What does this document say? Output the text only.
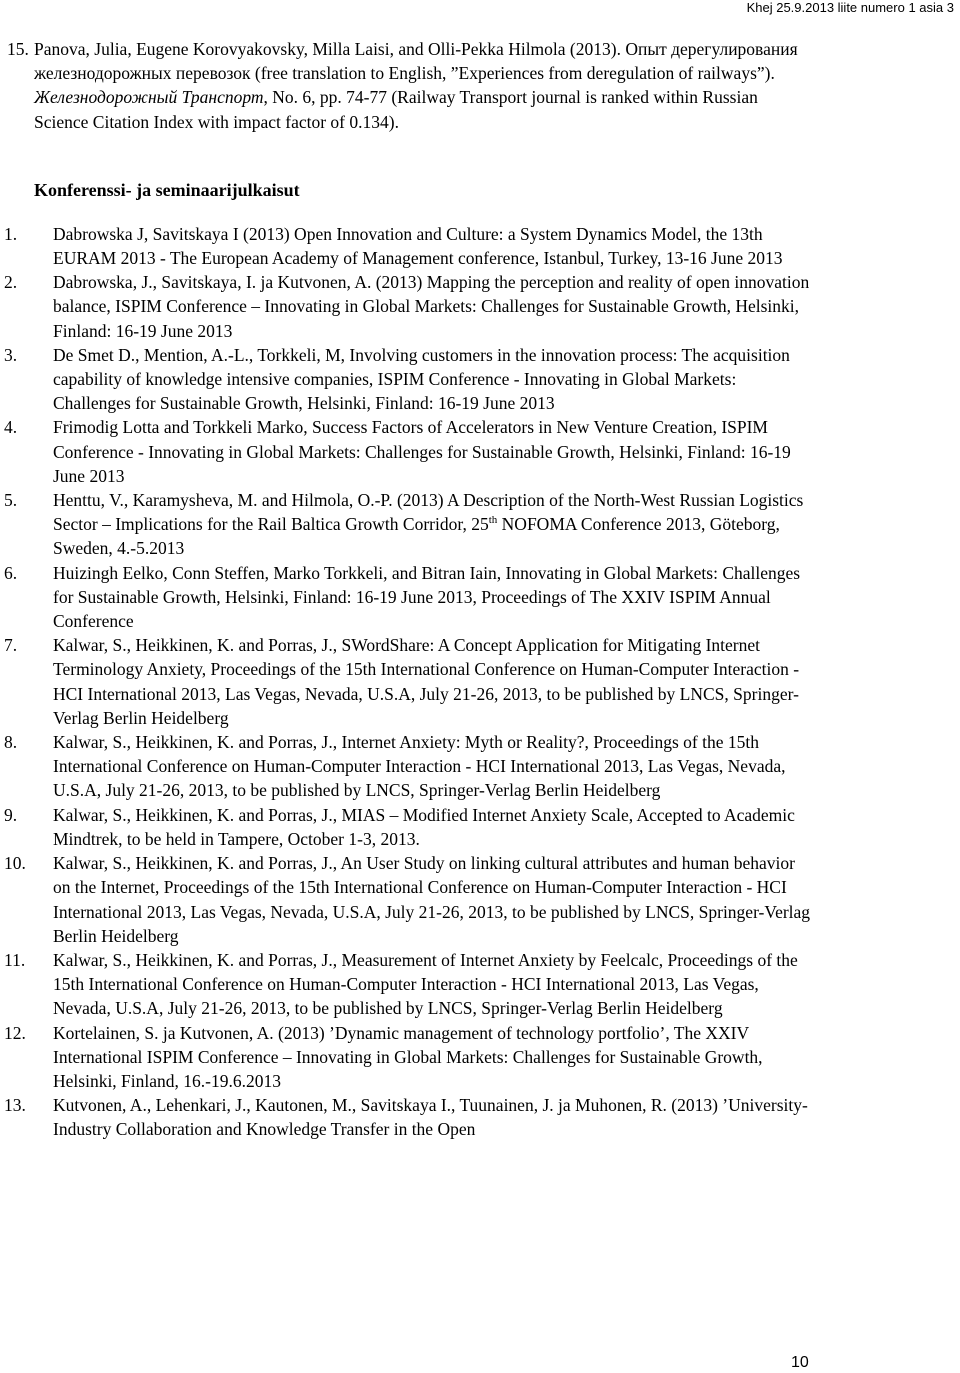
Khej 25.9.2013 liite numero 1 asia 3
15. Panova, Julia, Eugene Korovyakovsky, Milla Laisi, and Olli-Pekka Hilmola (2013). Опыт дерегулирования железнодорожных перевозок (free translation to English, ”Experiences from deregulation of railways”). Железнодорожный Транспорт, No. 6, pp. 74-77 (Railway Transport journal is ranked within Russian Science Citation Index with impact factor of 0.134).
Konferenssi- ja seminaarijulkaisut
1. Dabrowska J, Savitskaya I (2013) Open Innovation and Culture: a System Dynamics Model, the 13th EURAM 2013 - The European Academy of Management conference, Istanbul, Turkey, 13-16 June 2013
2. Dabrowska, J., Savitskaya, I. ja Kutvonen, A. (2013) Mapping the perception and reality of open innovation balance, ISPIM Conference – Innovating in Global Markets: Challenges for Sustainable Growth, Helsinki, Finland: 16-19 June 2013
3. De Smet D., Mention, A.-L., Torkkeli, M, Involving customers in the innovation process: The acquisition capability of knowledge intensive companies, ISPIM Conference - Innovating in Global Markets: Challenges for Sustainable Growth, Helsinki, Finland: 16-19 June 2013
4. Frimodig Lotta and Torkkeli Marko, Success Factors of Accelerators in New Venture Creation, ISPIM Conference - Innovating in Global Markets: Challenges for Sustainable Growth, Helsinki, Finland: 16-19 June 2013
5. Henttu, V., Karamysheva, M. and Hilmola, O.-P. (2013) A Description of the North-West Russian Logistics Sector – Implications for the Rail Baltica Growth Corridor, 25th NOFOMA Conference 2013, Göteborg, Sweden, 4.-5.2013
6. Huizingh Eelko, Conn Steffen, Marko Torkkeli, and Bitran Iain, Innovating in Global Markets: Challenges for Sustainable Growth, Helsinki, Finland: 16-19 June 2013, Proceedings of The XXIV ISPIM Annual Conference
7. Kalwar, S., Heikkinen, K. and Porras, J., SWordShare: A Concept Application for Mitigating Internet Terminology Anxiety, Proceedings of the 15th International Conference on Human-Computer Interaction - HCI International 2013, Las Vegas, Nevada, U.S.A, July 21-26, 2013, to be published by LNCS, Springer-Verlag Berlin Heidelberg
8. Kalwar, S., Heikkinen, K. and Porras, J., Internet Anxiety: Myth or Reality?, Proceedings of the 15th International Conference on Human-Computer Interaction - HCI International 2013, Las Vegas, Nevada, U.S.A, July 21-26, 2013, to be published by LNCS, Springer-Verlag Berlin Heidelberg
9. Kalwar, S., Heikkinen, K. and Porras, J., MIAS – Modified Internet Anxiety Scale, Accepted to Academic Mindtrek, to be held in Tampere, October 1-3, 2013.
10. Kalwar, S., Heikkinen, K. and Porras, J., An User Study on linking cultural attributes and human behavior on the Internet, Proceedings of the 15th International Conference on Human-Computer Interaction - HCI International 2013, Las Vegas, Nevada, U.S.A, July 21-26, 2013, to be published by LNCS, Springer-Verlag Berlin Heidelberg
11. Kalwar, S., Heikkinen, K. and Porras, J., Measurement of Internet Anxiety by Feelcalc, Proceedings of the 15th International Conference on Human-Computer Interaction - HCI International 2013, Las Vegas, Nevada, U.S.A, July 21-26, 2013, to be published by LNCS, Springer-Verlag Berlin Heidelberg
12. Kortelainen, S. ja Kutvonen, A. (2013) ’Dynamic management of technology portfolio’, The XXIV International ISPIM Conference – Innovating in Global Markets: Challenges for Sustainable Growth, Helsinki, Finland, 16.-19.6.2013
13. Kutvonen, A., Lehenkari, J., Kautonen, M., Savitskaya I., Tuunainen, J. ja Muhonen, R. (2013) ’University-Industry Collaboration and Knowledge Transfer in the Open
10
